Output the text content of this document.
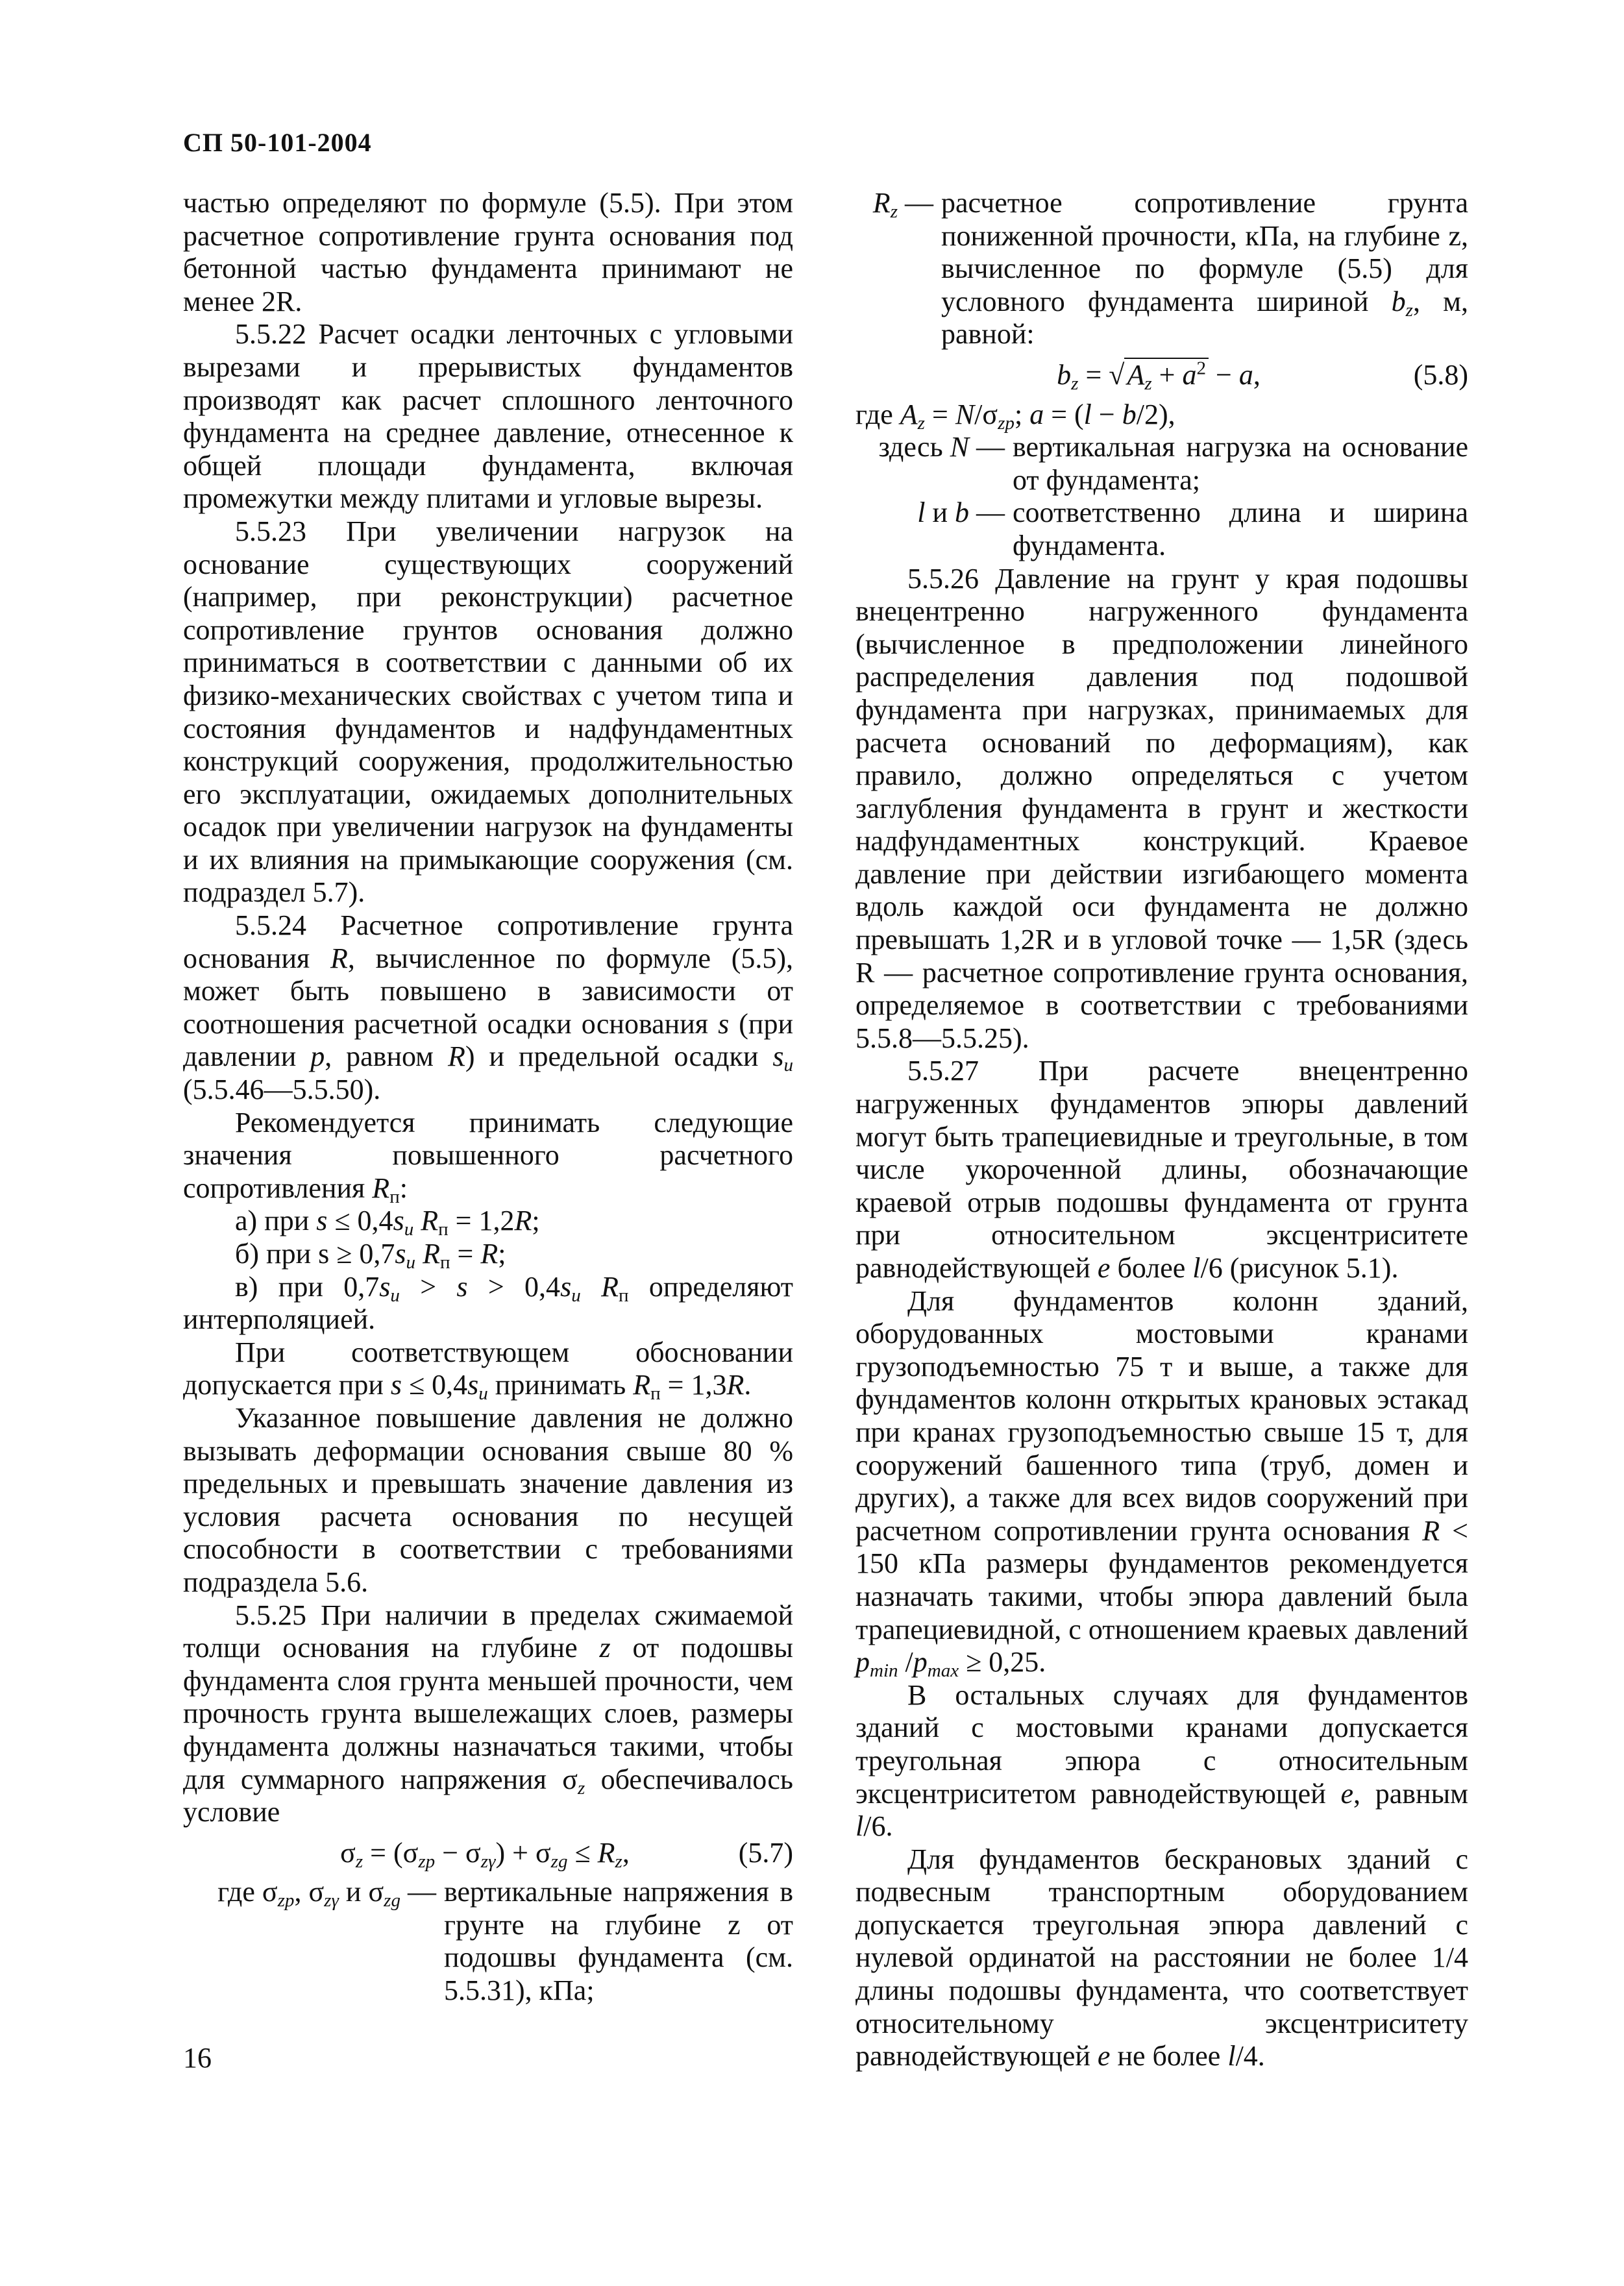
СП 50-101-2004

частью определяют по формуле (5.5). При этом расчетное сопротивление грунта основания под бетонной частью фундамента принимают не менее 2R.

5.5.22 Расчет осадки ленточных с угловыми вырезами и прерывистых фундаментов производят как расчет сплошного ленточного фундамента на среднее давление, отнесенное к общей площади фундамента, включая промежутки между плитами и угловые вырезы.

5.5.23 При увеличении нагрузок на основание существующих сооружений (например, при реконструкции) расчетное сопротивление грунтов основания должно приниматься в соответствии с данными об их физико-механических свойствах с учетом типа и состояния фундаментов и надфундаментных конструкций сооружения, продолжительностью его эксплуатации, ожидаемых дополнительных осадок при увеличении нагрузок на фундаменты и их влияния на примыкающие сооружения (см. подраздел 5.7).

5.5.24 Расчетное сопротивление грунта основания R, вычисленное по формуле (5.5), может быть повышено в зависимости от соотношения расчетной осадки основания s (при давлении p, равном R) и предельной осадки $s_u$ (5.5.46—5.5.50).

Рекомендуется принимать следующие значения повышенного расчетного сопротивления $R_п$:

а) при $s \le 0,4s_u$ $R_п = 1,2R$;

б) при $s \ge 0,7s_u$ $R_п = R$;

в) при $0,7s_u > s > 0,4s_u$ $R_п$ определяют интерполяцией.

При соответствующем обосновании допускается при $s \le 0,4s_u$ принимать $R_п = 1,3R$.

Указанное повышение давления не должно вызывать деформации основания свыше 80 % предельных и превышать значение давления из условия расчета основания по несущей способности в соответствии с требованиями подраздела 5.6.

5.5.25 При наличии в пределах сжимаемой толщи основания на глубине z от подошвы фундамента слоя грунта меньшей прочности, чем прочность грунта вышележащих слоев, размеры фундамента должны назначаться такими, чтобы для суммарного напряжения $\sigma_z$ обеспечивалось условие

$\sigma_z = (\sigma_{zp} - \sigma_{z\gamma}) + \sigma_{zg} \le R_z$,	(5.7)
где $\sigma_{zp}$, $\sigma_{z\gamma}$ и $\sigma_{zg}$ — вертикальные напряжения в грунте на глубине z от подошвы фундамента (см. 5.5.31), кПа;
$R_z$ — расчетное сопротивление грунта пониженной прочности, кПа, на глубине z, вычисленное по формуле (5.5) для условного фундамента шириной $b_z$, м, равной:
$b_z = √A_z + a^2 - a$,	(5.8)

где $A_z = N/\sigma_{zp}$; a = (l − b/2),

здесь N — вертикальная нагрузка на основание от фундамента;
l и b — соответственно длина и ширина фундамента.

5.5.26 Давление на грунт у края подошвы внецентренно нагруженного фундамента (вычисленное в предположении линейного распределения давления под подошвой фундамента при нагрузках, принимаемых для расчета оснований по деформациям), как правило, должно определяться с учетом заглубления фундамента в грунт и жесткости надфундаментных конструкций. Краевое давление при действии изгибающего момента вдоль каждой оси фундамента не должно превышать 1,2R и в угловой точке — 1,5R (здесь R — расчетное сопротивление грунта основания, определяемое в соответствии с требованиями 5.5.8—5.5.25).

5.5.27 При расчете внецентренно нагруженных фундаментов эпюры давлений могут быть трапециевидные и треугольные, в том числе укороченной длины, обозначающие краевой отрыв подошвы фундамента от грунта при относительном эксцентриситете равнодействующей e более l/6 (рисунок 5.1).

Для фундаментов колонн зданий, оборудованных мостовыми кранами грузоподъемностью 75 т и выше, а также для фундаментов колонн открытых крановых эстакад при кранах грузоподъемностью свыше 15 т, для сооружений башенного типа (труб, домен и других), а также для всех видов сооружений при расчетном сопротивлении грунта основания R < 150 кПа размеры фундаментов рекомендуется назначать такими, чтобы эпюра давлений была трапециевидной, с отношением краевых давлений $p_{min}$ $/p_{max} \ge 0,25$.

В остальных случаях для фундаментов зданий с мостовыми кранами допускается треугольная эпюра с относительным эксцентриситетом равнодействующей e, равным l/6.

Для фундаментов бескрановых зданий с подвесным транспортным оборудованием допускается треугольная эпюра давлений с нулевой ординатой на расстоянии не более 1/4 длины подошвы фундамента, что соответствует относительному эксцентриситету равнодействующей e не более l/4.

16
